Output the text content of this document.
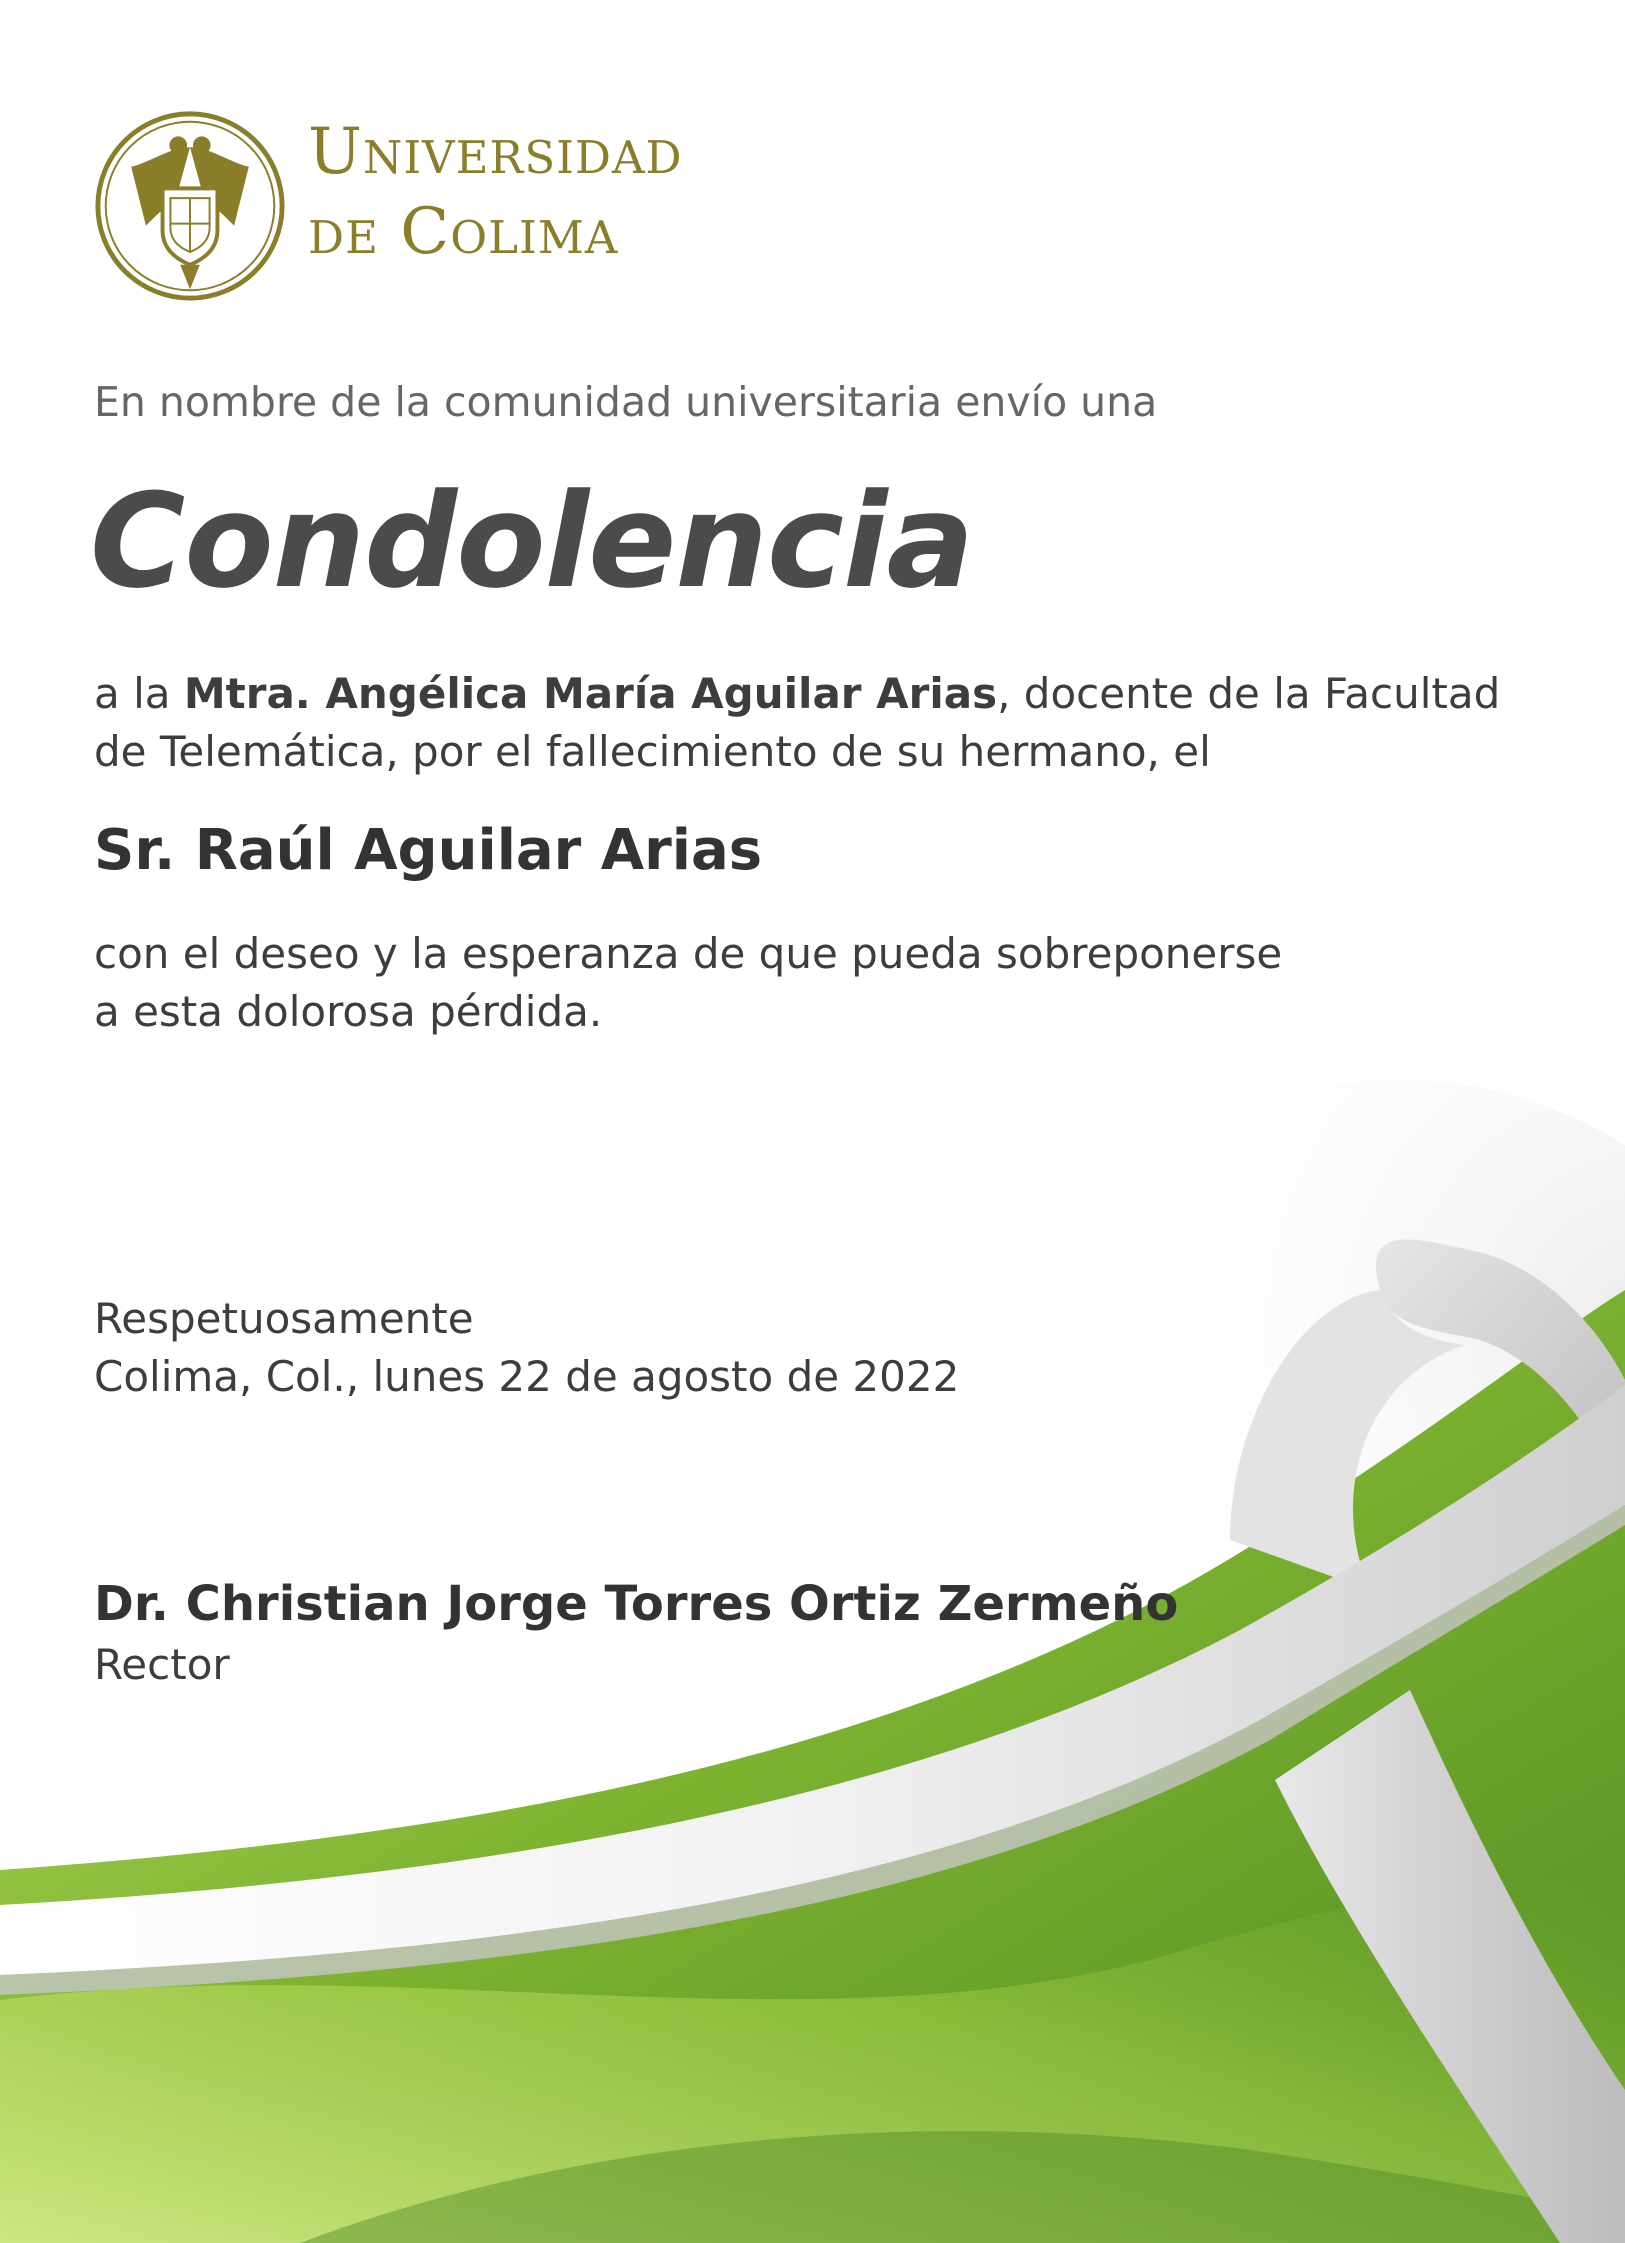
Universidad
de Colima
En nombre de la comunidad universitaria envío una
Condolencia
a la Mtra. Angélica María Aguilar Arias, docente de la Facultad
de Telemática, por el fallecimiento de su hermano, el
Sr. Raúl Aguilar Arias
con el deseo y la esperanza de que pueda sobreponerse
a esta dolorosa pérdida.
Respetuosamente
Colima, Col., lunes 22 de agosto de 2022
Dr. Christian Jorge Torres Ortiz Zermeño
Rector
